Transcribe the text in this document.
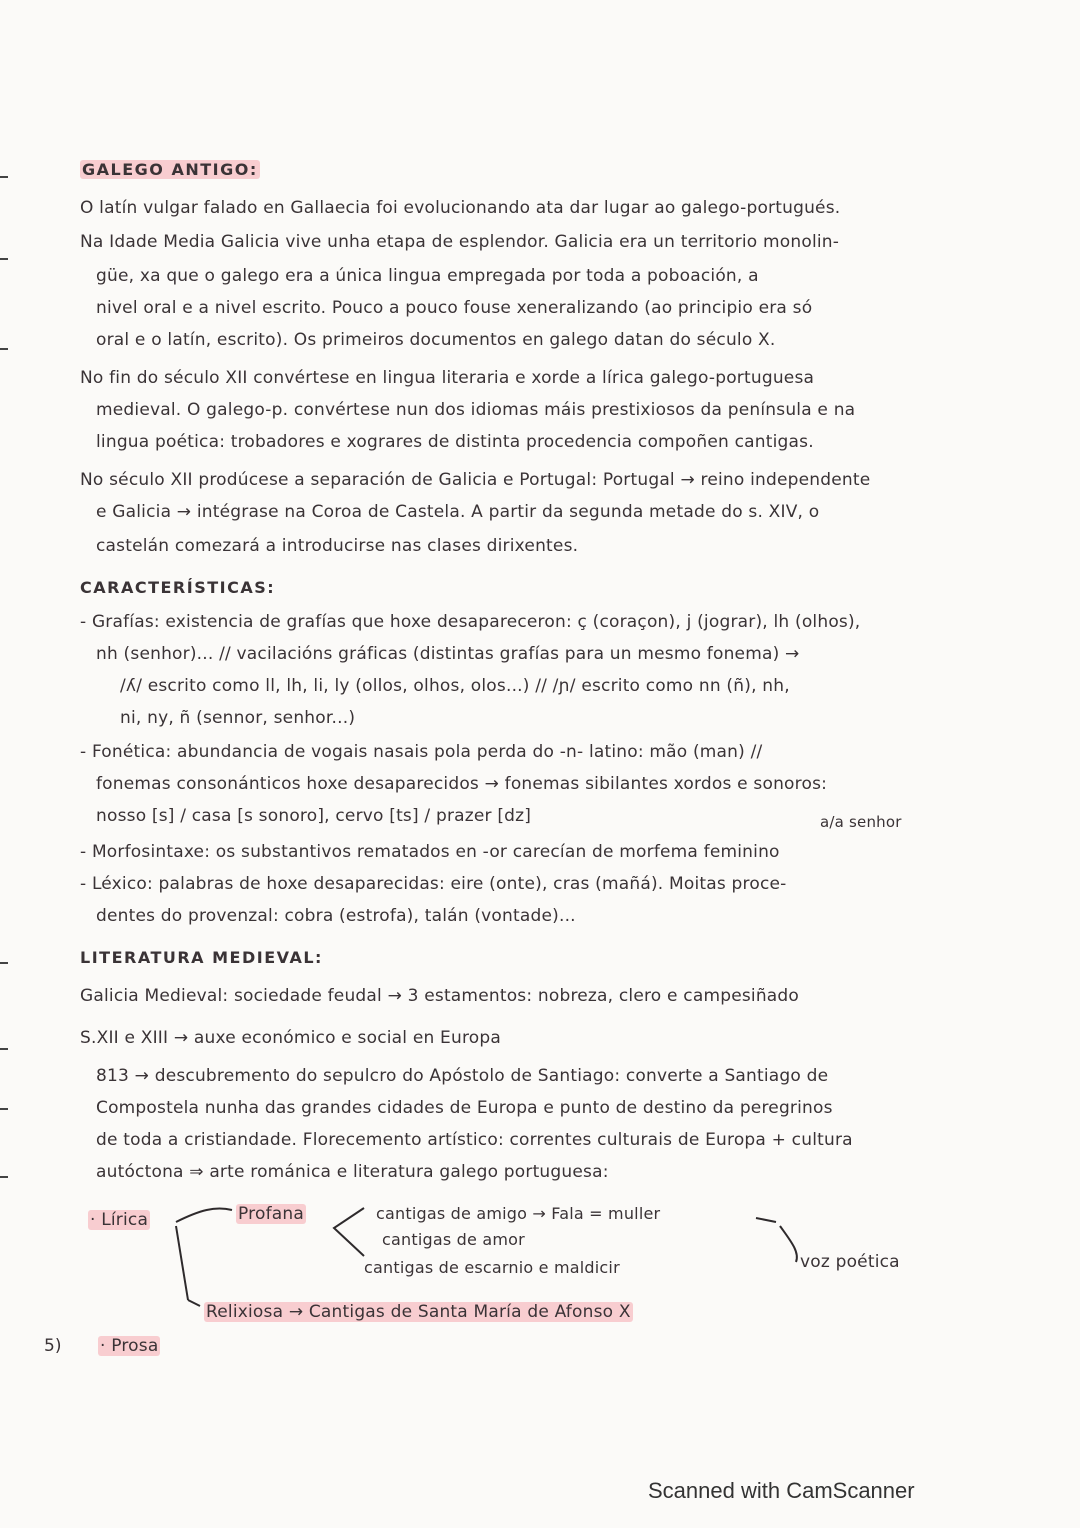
GALEGO ANTIGO:
O latín vulgar falado en Gallaecia foi evolucionando ata dar lugar ao galego-portugués.
Na Idade Media Galicia vive unha etapa de esplendor. Galicia era un territorio monolin-
güe, xa que o galego era a única lingua empregada por toda a poboación, a
nivel oral e a nivel escrito. Pouco a pouco fouse xeneralizando (ao principio era só
oral e o latín, escrito). Os primeiros documentos en galego datan do século X.
No fin do século XII convértese en lingua literaria e xorde a lírica galego-portuguesa
medieval. O galego-p. convértese nun dos idiomas máis prestixiosos da península e na
lingua poética: trobadores e xograres de distinta procedencia compoñen cantigas.
No século XII prodúcese a separación de Galicia e Portugal: Portugal → reino independente
e Galicia → intégrase na Coroa de Castela. A partir da segunda metade do s. XIV, o
castelán comezará a introducirse nas clases dirixentes.
CARACTERÍSTICAS:
- Grafías: existencia de grafías que hoxe desapareceron: ç (coraçon), j (jograr), lh (olhos),
nh (senhor)... // vacilacións gráficas (distintas grafías para un mesmo fonema) →
/ʎ/ escrito como ll, lh, li, ly (ollos, olhos, olos...) // /ɲ/ escrito como nn (ñ), nh,
ni, ny, ñ (sennor, senhor...)
- Fonética: abundancia de vogais nasais pola perda do -n- latino: mão (man) //
fonemas consonánticos hoxe desaparecidos → fonemas sibilantes xordos e sonoros:
nosso [s] / casa [s sonoro], cervo [ts] / prazer [dz]	a/a senhor
- Morfosintaxe: os substantivos rematados en -or carecían de morfema feminino
- Léxico: palabras de hoxe desaparecidas: eire (onte), cras (mañá). Moitas proce-
dentes do provenzal: cobra (estrofa), talán (vontade)...
LITERATURA MEDIEVAL:
Galicia Medieval: sociedade feudal → 3 estamentos: nobreza, clero e campesiñado
S.XII e XIII → auxe económico e social en Europa
813 → descubremento do sepulcro do Apóstolo de Santiago: converte a Santiago de
Compostela nunha das grandes cidades de Europa e punto de destino da peregrinos
de toda a cristiandade. Florecemento artístico: correntes culturais de Europa + cultura
autóctona ⇒ arte románica e literatura galego portuguesa:
· Lírica	Profana	cantigas de amigo → Fala = muller
cantigas de amor
cantigas de escarnio e maldicir	voz poética
Relixiosa → Cantigas de Santa María de Afonso X
5) · Prosa
Scanned with CamScanner
